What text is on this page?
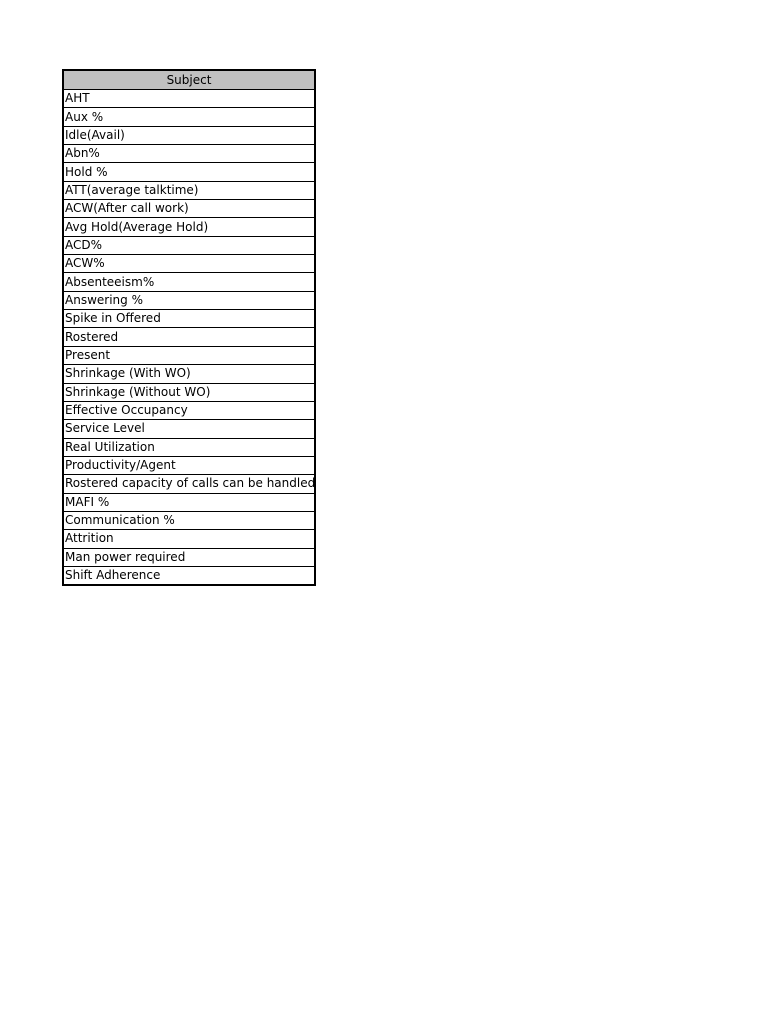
Subject
AHT
Aux %
Idle(Avail)
Abn%
Hold %
ATT(average talktime)
ACW(After call work)
Avg Hold(Average Hold)
ACD%
ACW%
Absenteeism%
Answering %
Spike in Offered
Rostered
Present
Shrinkage (With WO)
Shrinkage (Without WO)
Effective Occupancy
Service Level
Real Utilization
Productivity/Agent
Rostered capacity of calls can be handled
MAFI %
Communication %
Attrition
Man power required
Shift Adherence
